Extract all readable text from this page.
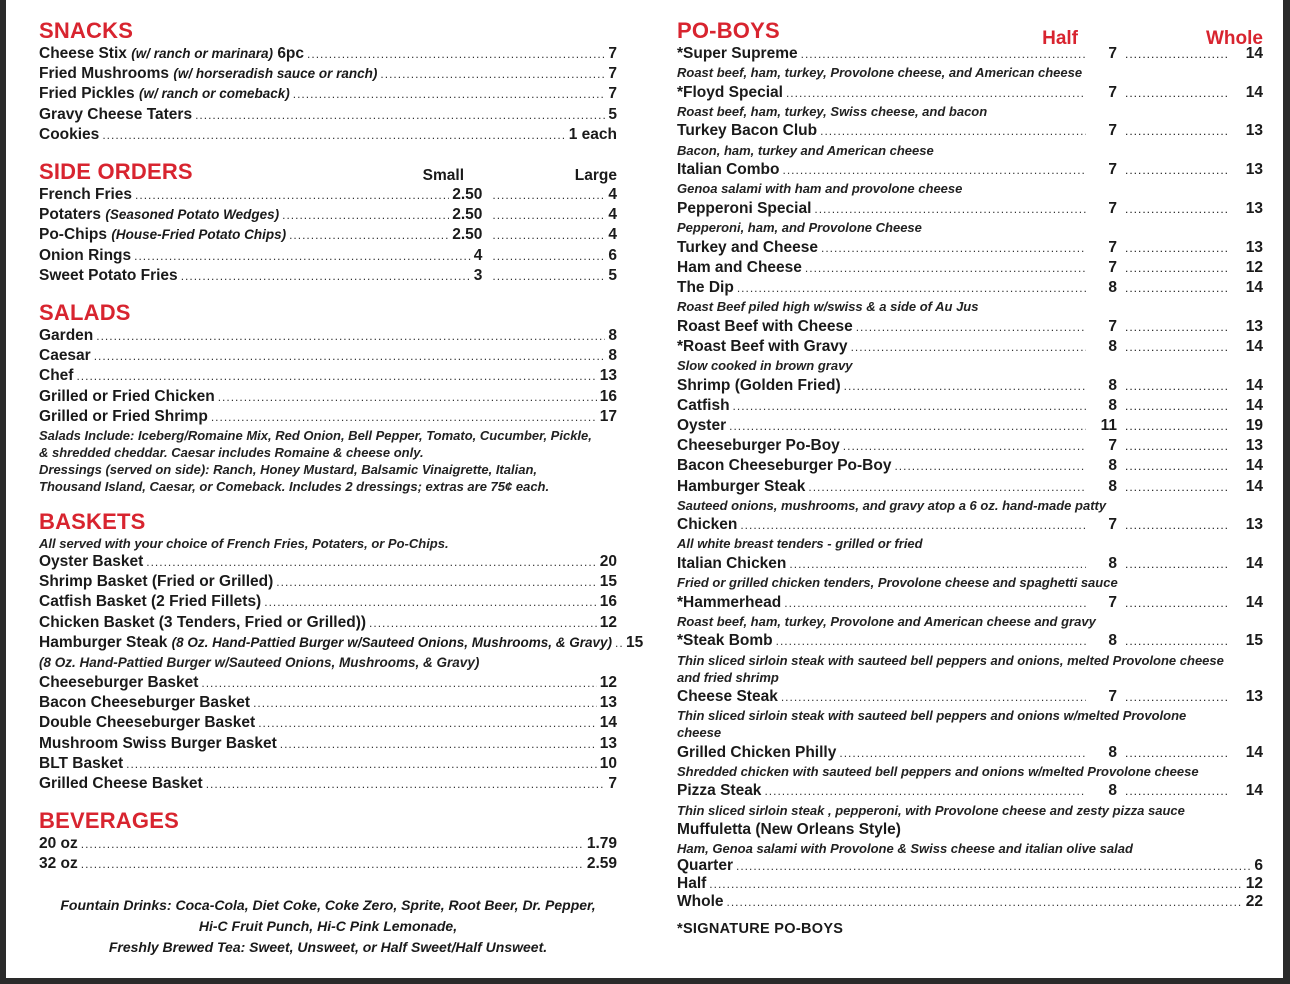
SNACKS
Cheese Stix (w/ ranch or marinara) 6pc .....	7
Fried Mushrooms (w/ horseradish sauce or ranch) .....	7
Fried Pickles (w/ ranch or comeback) .....	7
Gravy Cheese Taters .....	5
Cookies .....	1 each
SIDE ORDERS	Small	Large
French Fries .....	2.50 .....	4
Potaters (Seasoned Potato Wedges) .....	2.50 .....	4
Po-Chips (House-Fried Potato Chips) .....	2.50 .....	4
Onion Rings .....	4 .....	6
Sweet Potato Fries .....	3 .....	5
SALADS
Garden .....	8
Caesar .....	8
Chef .....	13
Grilled or Fried Chicken .....	16
Grilled or Fried Shrimp .....	17
Salads Include: Iceberg/Romaine Mix, Red Onion, Bell Pepper, Tomato, Cucumber, Pickle,
& shredded cheddar. Caesar includes Romaine & cheese only.
Dressings (served on side): Ranch, Honey Mustard, Balsamic Vinaigrette, Italian,
Thousand Island, Caesar, or Comeback. Includes 2 dressings; extras are 75¢ each.
BASKETS
All served with your choice of French Fries, Potaters, or Po-Chips.
Oyster Basket .....	20
Shrimp Basket (Fried or Grilled) .....	15
Catfish Basket (2 Fried Fillets) .....	16
Chicken Basket (3 Tenders, Fried or Grilled)) .....	12
Hamburger Steak (8 Oz. Hand-Pattied Burger w/Sauteed Onions, Mushrooms, & Gravy) ..... 15
(8 Oz. Hand-Pattied Burger w/Sauteed Onions, Mushrooms, & Gravy)
Cheeseburger Basket .....	12
Bacon Cheeseburger Basket .....	13
Double Cheeseburger Basket .....	14
Mushroom Swiss Burger Basket .....	13
BLT Basket .....	10
Grilled Cheese Basket .....	7
BEVERAGES
20 oz .....	1.79
32 oz .....	2.59
Fountain Drinks: Coca-Cola, Diet Coke, Coke Zero, Sprite, Root Beer, Dr. Pepper,
Hi-C Fruit Punch, Hi-C Pink Lemonade,
Freshly Brewed Tea: Sweet, Unsweet, or Half Sweet/Half Unsweet.
PO-BOYS	Half	Whole
*Super Supreme .....	7 .....	14
Roast beef, ham, turkey, Provolone cheese, and American cheese
*Floyd Special .....	7 .....	14
Roast beef, ham, turkey, Swiss cheese, and bacon
Turkey Bacon Club .....	7 .....	13
Bacon, ham, turkey and American cheese
Italian Combo .....	7 .....	13
Genoa salami with ham and provolone cheese
Pepperoni Special .....	7 .....	13
Pepperoni, ham, and Provolone Cheese
Turkey and Cheese .....	7 .....	13
Ham and Cheese .....	7 .....	12
The Dip .....	8 .....	14
Roast Beef piled high w/swiss & a side of Au Jus
Roast Beef with Cheese .....	7 .....	13
*Roast Beef with Gravy .....	8 .....	14
Slow cooked in brown gravy
Shrimp (Golden Fried) .....	8 .....	14
Catfish .....	8 .....	14
Oyster .....	11 .....	19
Cheeseburger Po-Boy .....	7 .....	13
Bacon Cheeseburger Po-Boy .....	8 .....	14
Hamburger Steak .....	8 .....	14
Sauteed onions, mushrooms, and gravy atop a 6 oz. hand-made patty
Chicken .....	7 .....	13
All white breast tenders - grilled or fried
Italian Chicken .....	8 .....	14
Fried or grilled chicken tenders, Provolone cheese and spaghetti sauce
*Hammerhead .....	7 .....	14
Roast beef, ham, turkey, Provolone and American cheese and gravy
*Steak Bomb .....	8 .....	15
Thin sliced sirloin steak with sauteed bell peppers and onions, melted Provolone cheese
and fried shrimp
Cheese Steak .....	7 .....	13
Thin sliced sirloin steak with sauteed bell peppers and onions w/melted Provolone
cheese
Grilled Chicken Philly .....	8 .....	14
Shredded chicken with sauteed bell peppers and onions w/melted Provolone cheese
Pizza Steak .....	8 .....	14
Thin sliced sirloin steak , pepperoni, with Provolone cheese and zesty pizza sauce
Muffuletta (New Orleans Style)
Ham, Genoa salami with Provolone & Swiss cheese and italian olive salad
Quarter .....	6
Half .....	12
Whole .....	22
*SIGNATURE PO-BOYS
